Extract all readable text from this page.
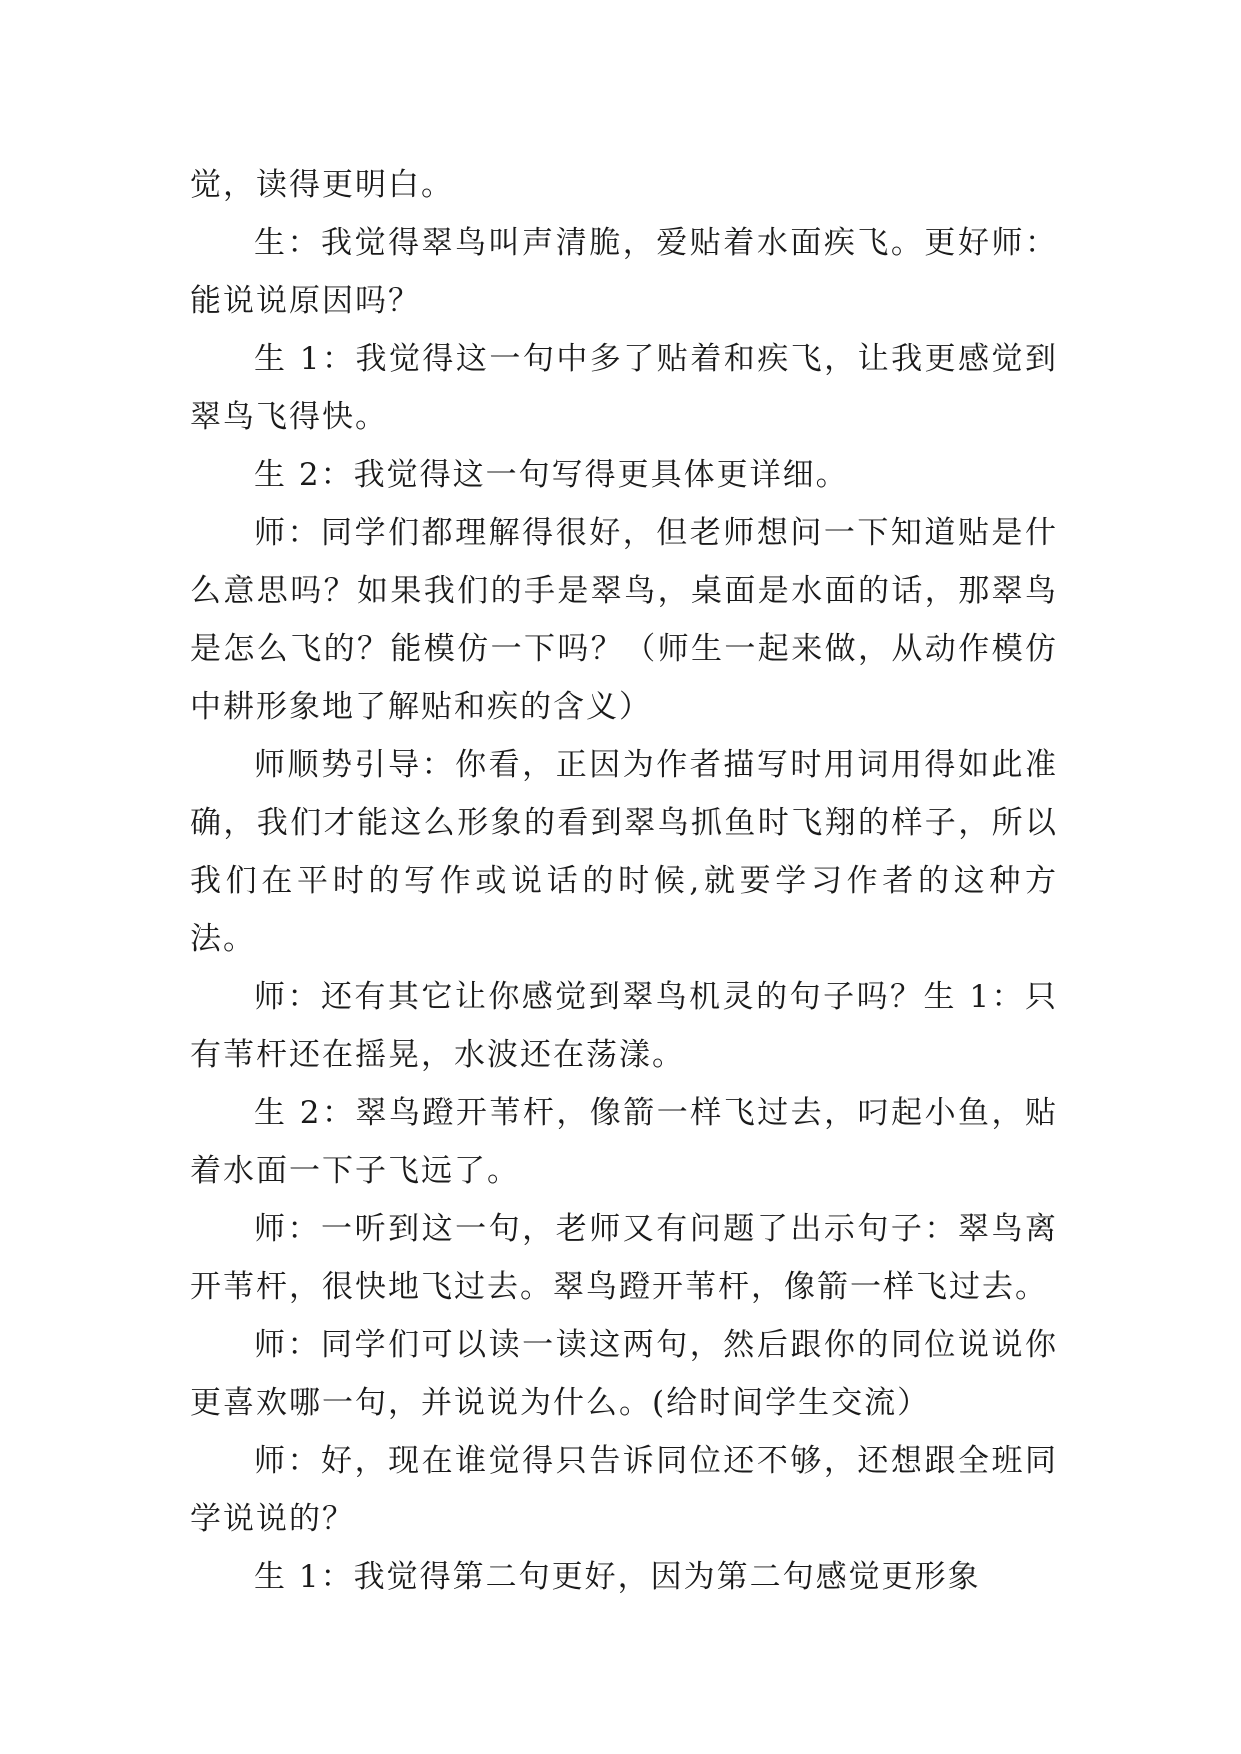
觉，读得更明白。

生：我觉得翠鸟叫声清脆，爱贴着水面疾飞。更好师：能说说原因吗？

生 1：我觉得这一句中多了贴着和疾飞，让我更感觉到翠鸟飞得快。

生 2：我觉得这一句写得更具体更详细。

师：同学们都理解得很好，但老师想问一下知道贴是什么意思吗？如果我们的手是翠鸟，桌面是水面的话，那翠鸟是怎么飞的？能模仿一下吗？（师生一起来做，从动作模仿中耕形象地了解贴和疾的含义）

师顺势引导：你看，正因为作者描写时用词用得如此准确，我们才能这么形象的看到翠鸟抓鱼时飞翔的样子，所以我们在平时的写作或说话的时候,就要学习作者的这种方法。

师：还有其它让你感觉到翠鸟机灵的句子吗？生 1：只有苇杆还在摇晃，水波还在荡漾。

生 2：翠鸟蹬开苇杆，像箭一样飞过去，叼起小鱼，贴着水面一下子飞远了。

师：一听到这一句，老师又有问题了出示句子：翠鸟离开苇杆，很快地飞过去。翠鸟蹬开苇杆，像箭一样飞过去。

师：同学们可以读一读这两句，然后跟你的同位说说你更喜欢哪一句，并说说为什么。(给时间学生交流）

师：好，现在谁觉得只告诉同位还不够，还想跟全班同学说说的？

生 1：我觉得第二句更好，因为第二句感觉更形象
